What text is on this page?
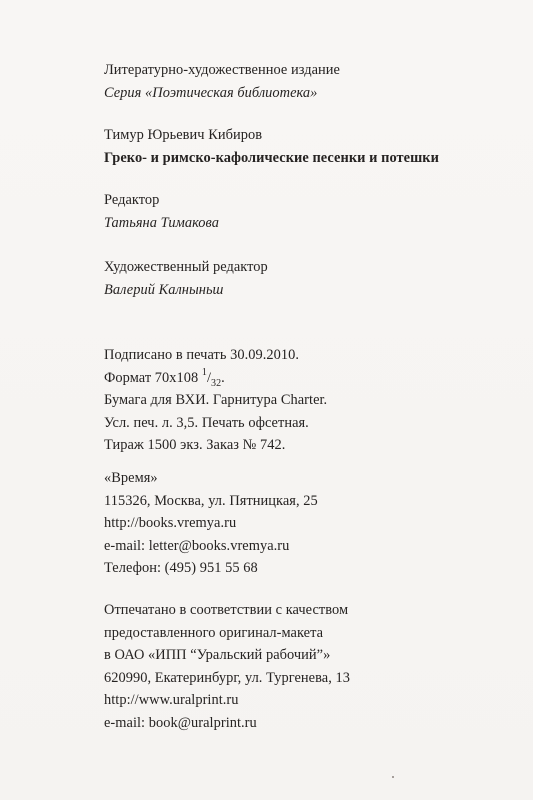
Литературно-художественное издание
Серия «Поэтическая библиотека»
Тимур Юрьевич Кибиров
Греко- и римско-кафолические песенки и потешки
Редактор
Татьяна Тимакова
Художественный редактор
Валерий Калныньш
Подписано в печать 30.09.2010.
Формат 70x108 $^1/_{32}$.
Бумага для ВХИ. Гарнитура Charter.
Усл. печ. л. 3,5. Печать офсетная.
Тираж 1500 экз. Заказ № 742.
«Время»
115326, Москва, ул. Пятницкая, 25
http://books.vremya.ru
e-mail: letter@books.vremya.ru
Телефон: (495) 951 55 68
Отпечатано в соответствии с качеством
предоставленного оригинал-макета
в ОАО «ИПП “Уральский рабочий”»
620990, Екатеринбург, ул. Тургенева, 13
http://www.uralprint.ru
e-mail: book@uralprint.ru
